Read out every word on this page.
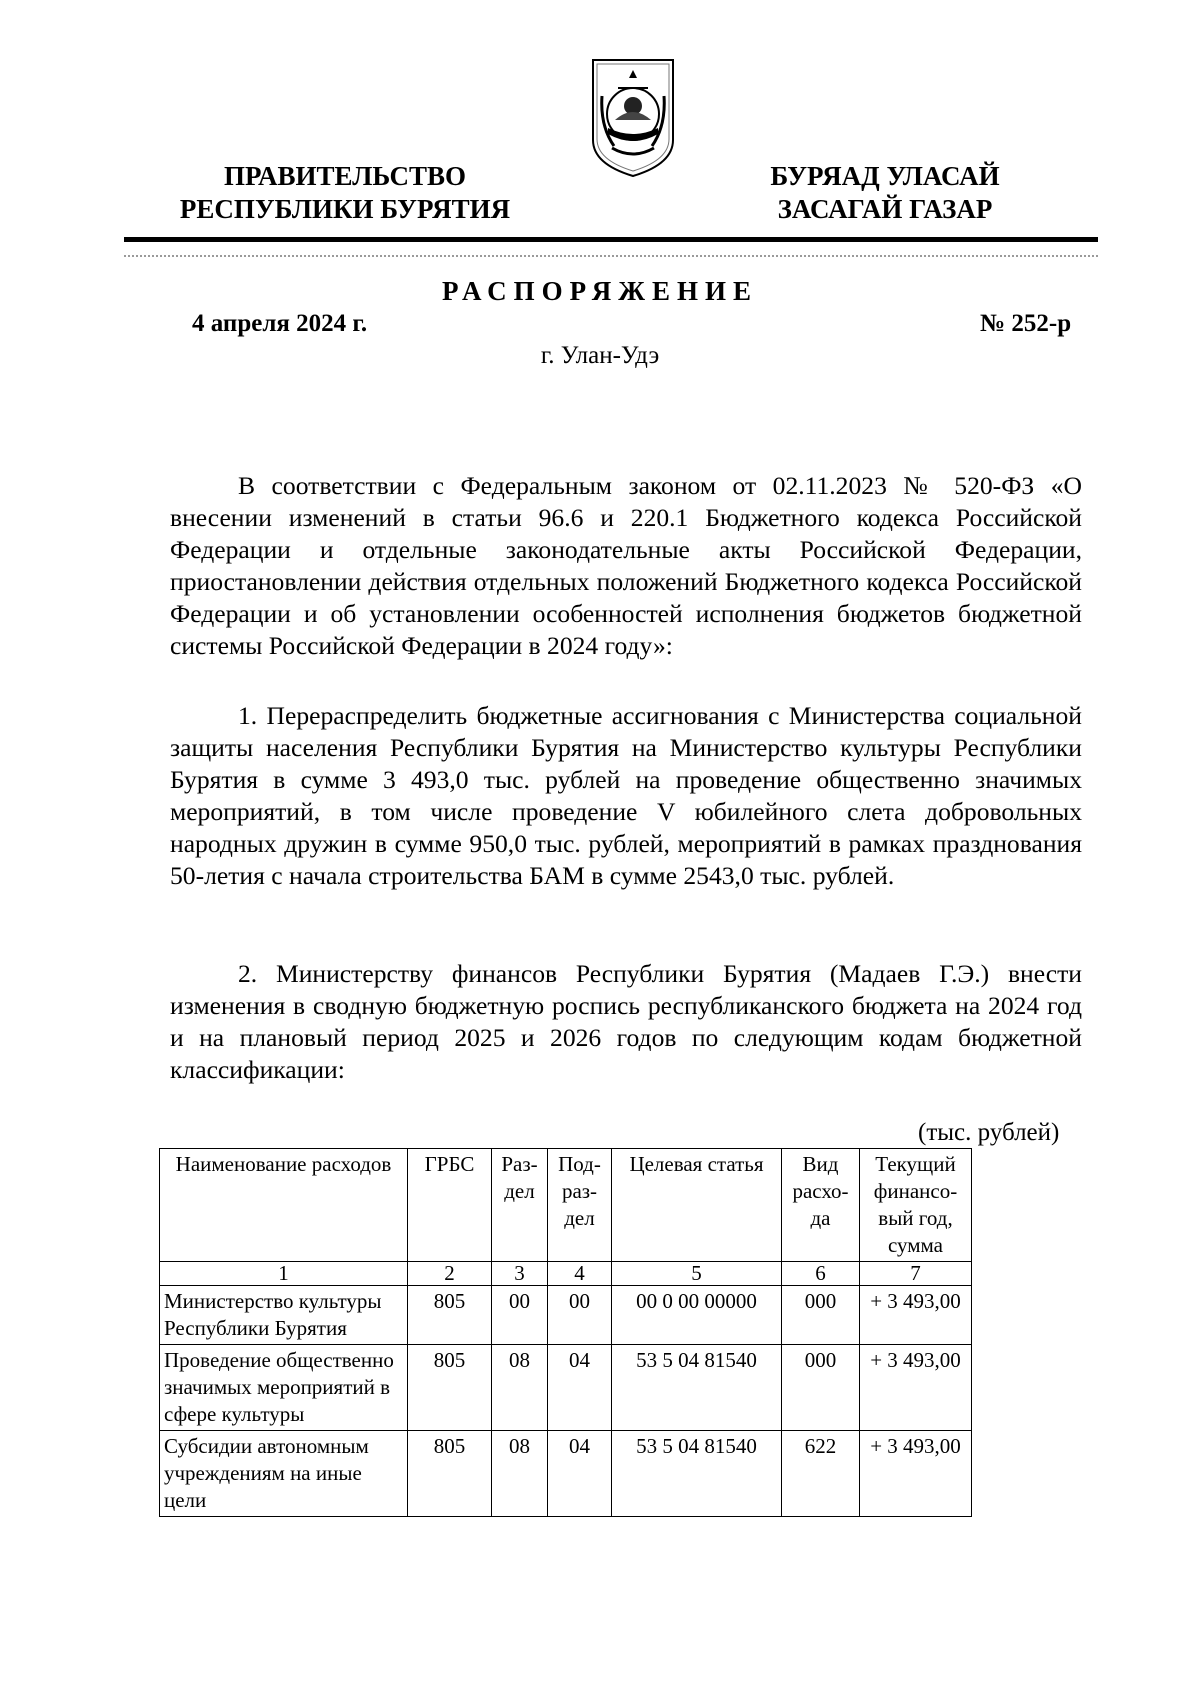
ПРАВИТЕЛЬСТВО
РЕСПУБЛИКИ БУРЯТИЯ
БУРЯАД УЛАСАЙ
ЗАСАГАЙ ГАЗАР
РАСПОРЯЖЕНИЕ
4 апреля 2024 г.	№ 252-р
г. Улан-Удэ

В соответствии с Федеральным законом от 02.11.2023 № 520-ФЗ «О внесении изменений в статьи 96.6 и 220.1 Бюджетного кодекса Российской Федерации и отдельные законодательные акты Российской Федерации, приостановлении действия отдельных положений Бюджетного кодекса Российской Федерации и об установлении особенностей исполнения бюджетов бюджетной системы Российской Федерации в 2024 году»:

1. Перераспределить бюджетные ассигнования с Министерства социальной защиты населения Республики Бурятия на Министерство культуры Республики Бурятия в сумме 3 493,0 тыс. рублей на проведение общественно значимых мероприятий, в том числе проведение V юбилейного слета добровольных народных дружин в сумме 950,0 тыс. рублей, мероприятий в рамках празднования 50-летия с начала строительства БАМ в сумме 2543,0 тыс. рублей.

2. Министерству финансов Республики Бурятия (Мадаев Г.Э.) внести изменения в сводную бюджетную роспись республиканского бюджета на 2024 год и на плановый период 2025 и 2026 годов по следующим кодам бюджетной классификации:

(тыс. рублей)
Наименование расходов	ГРБС	Раз-дел	Под-раз-дел	Целевая статья	Вид расхо-да	Текущий финансо-вый год, сумма
1	2	3	4	5	6	7
Министерство культуры Республики Бурятия	805	00	00	00 0 00 00000	000	+ 3 493,00
Проведение общественно значимых мероприятий в сфере культуры	805	08	04	53 5 04 81540	000	+ 3 493,00
Субсидии автономным учреждениям на иные цели	805	08	04	53 5 04 81540	622	+ 3 493,00
